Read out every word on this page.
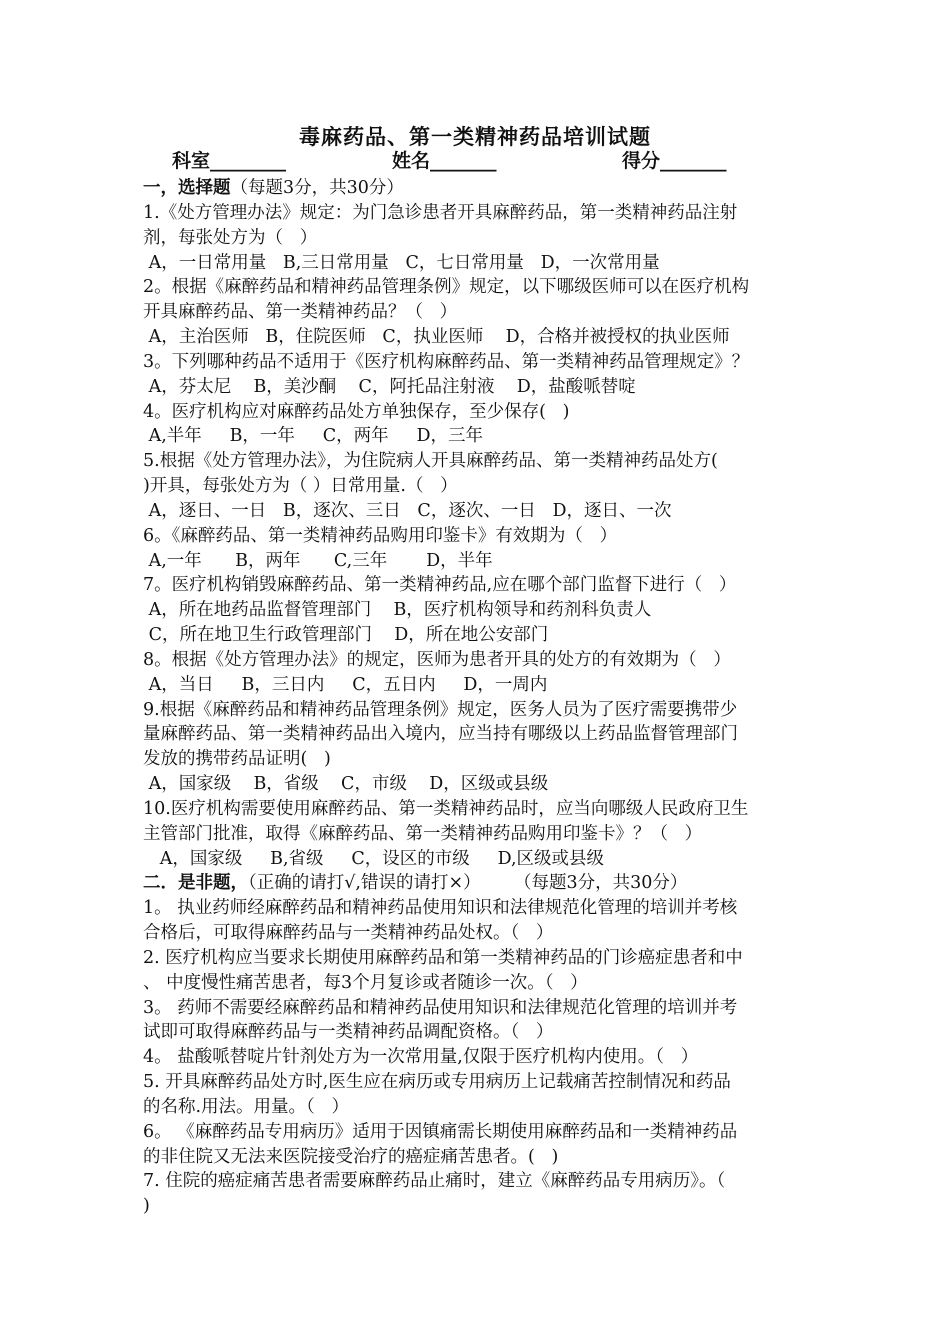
毒麻药品、第一类精神药品培训试题
科室________	姓名_______	得分_______
一，选择题（每题3分，共30分）
1.《处方管理办法》规定：为门急诊患者开具麻醉药品，第一类精神药品注射
剂，每张处方为（   ）
A，一日常用量   B,三日常用量   C，七日常用量   D，一次常用量
2。根据《麻醉药品和精神药品管理条例》规定，以下哪级医师可以在医疗机构
开具麻醉药品、第一类精神药品？（   ）
A，主治医师   B，住院医师   C，执业医师    D，合格并被授权的执业医师
3。下列哪种药品不适用于《医疗机构麻醉药品、第一类精神药品管理规定》？
A，芬太尼    B，美沙酮    C，阿托品注射液    D，盐酸哌替啶
4。医疗机构应对麻醉药品处方单独保存，至少保存(   )
A,半年     B，一年     C，两年     D，三年
5.根据《处方管理办法》，为住院病人开具麻醉药品、第一类精神药品处方(
)开具，每张处方为（ ）日常用量.（   ）
A，逐日、一日   B，逐次、三日   C，逐次、一日   D，逐日、一次
6。《麻醉药品、第一类精神药品购用印鉴卡》有效期为（   ）
A,一年      B，两年      C,三年       D，半年
7。医疗机构销毁麻醉药品、第一类精神药品,应在哪个部门监督下进行（   ）
A，所在地药品监督管理部门    B，医疗机构领导和药剂科负责人
C，所在地卫生行政管理部门    D，所在地公安部门
8。根据《处方管理办法》的规定，医师为患者开具的处方的有效期为（   ）
A，当日     B，三日内     C，五日内     D，一周内
9.根据《麻醉药品和精神药品管理条例》规定，医务人员为了医疗需要携带少
量麻醉药品、第一类精神药品出入境内，应当持有哪级以上药品监督管理部门
发放的携带药品证明(   )
A，国家级    B，省级    C，市级    D，区级或县级
10.医疗机构需要使用麻醉药品、第一类精神药品时，应当向哪级人民政府卫生
主管部门批准，取得《麻醉药品、第一类精神药品购用印鉴卡》？（   ）
A，国家级     B,省级     C，设区的市级     D,区级或县级
二．是非题，（正确的请打√,错误的请打×）      （每题3分，共30分）
1。 执业药师经麻醉药品和精神药品使用知识和法律规范化管理的培训并考核
合格后，可取得麻醉药品与一类精神药品处权。（   ）
2. 医疗机构应当要求长期使用麻醉药品和第一类精神药品的门诊癌症患者和中
、 中度慢性痛苦患者，每3个月复诊或者随诊一次。（   ）
3。 药师不需要经麻醉药品和精神药品使用知识和法律规范化管理的培训并考
试即可取得麻醉药品与一类精神药品调配资格。（   ）
4。 盐酸哌替啶片针剂处方为一次常用量,仅限于医疗机构内使用。（   ）
5. 开具麻醉药品处方时,医生应在病历或专用病历上记载痛苦控制情况和药品
的名称.用法。用量。（   ）
6。 《麻醉药品专用病历》适用于因镇痛需长期使用麻醉药品和一类精神药品
的非住院又无法来医院接受治疗的癌症痛苦患者。(   )
7. 住院的癌症痛苦患者需要麻醉药品止痛时，建立《麻醉药品专用病历》。（
)
